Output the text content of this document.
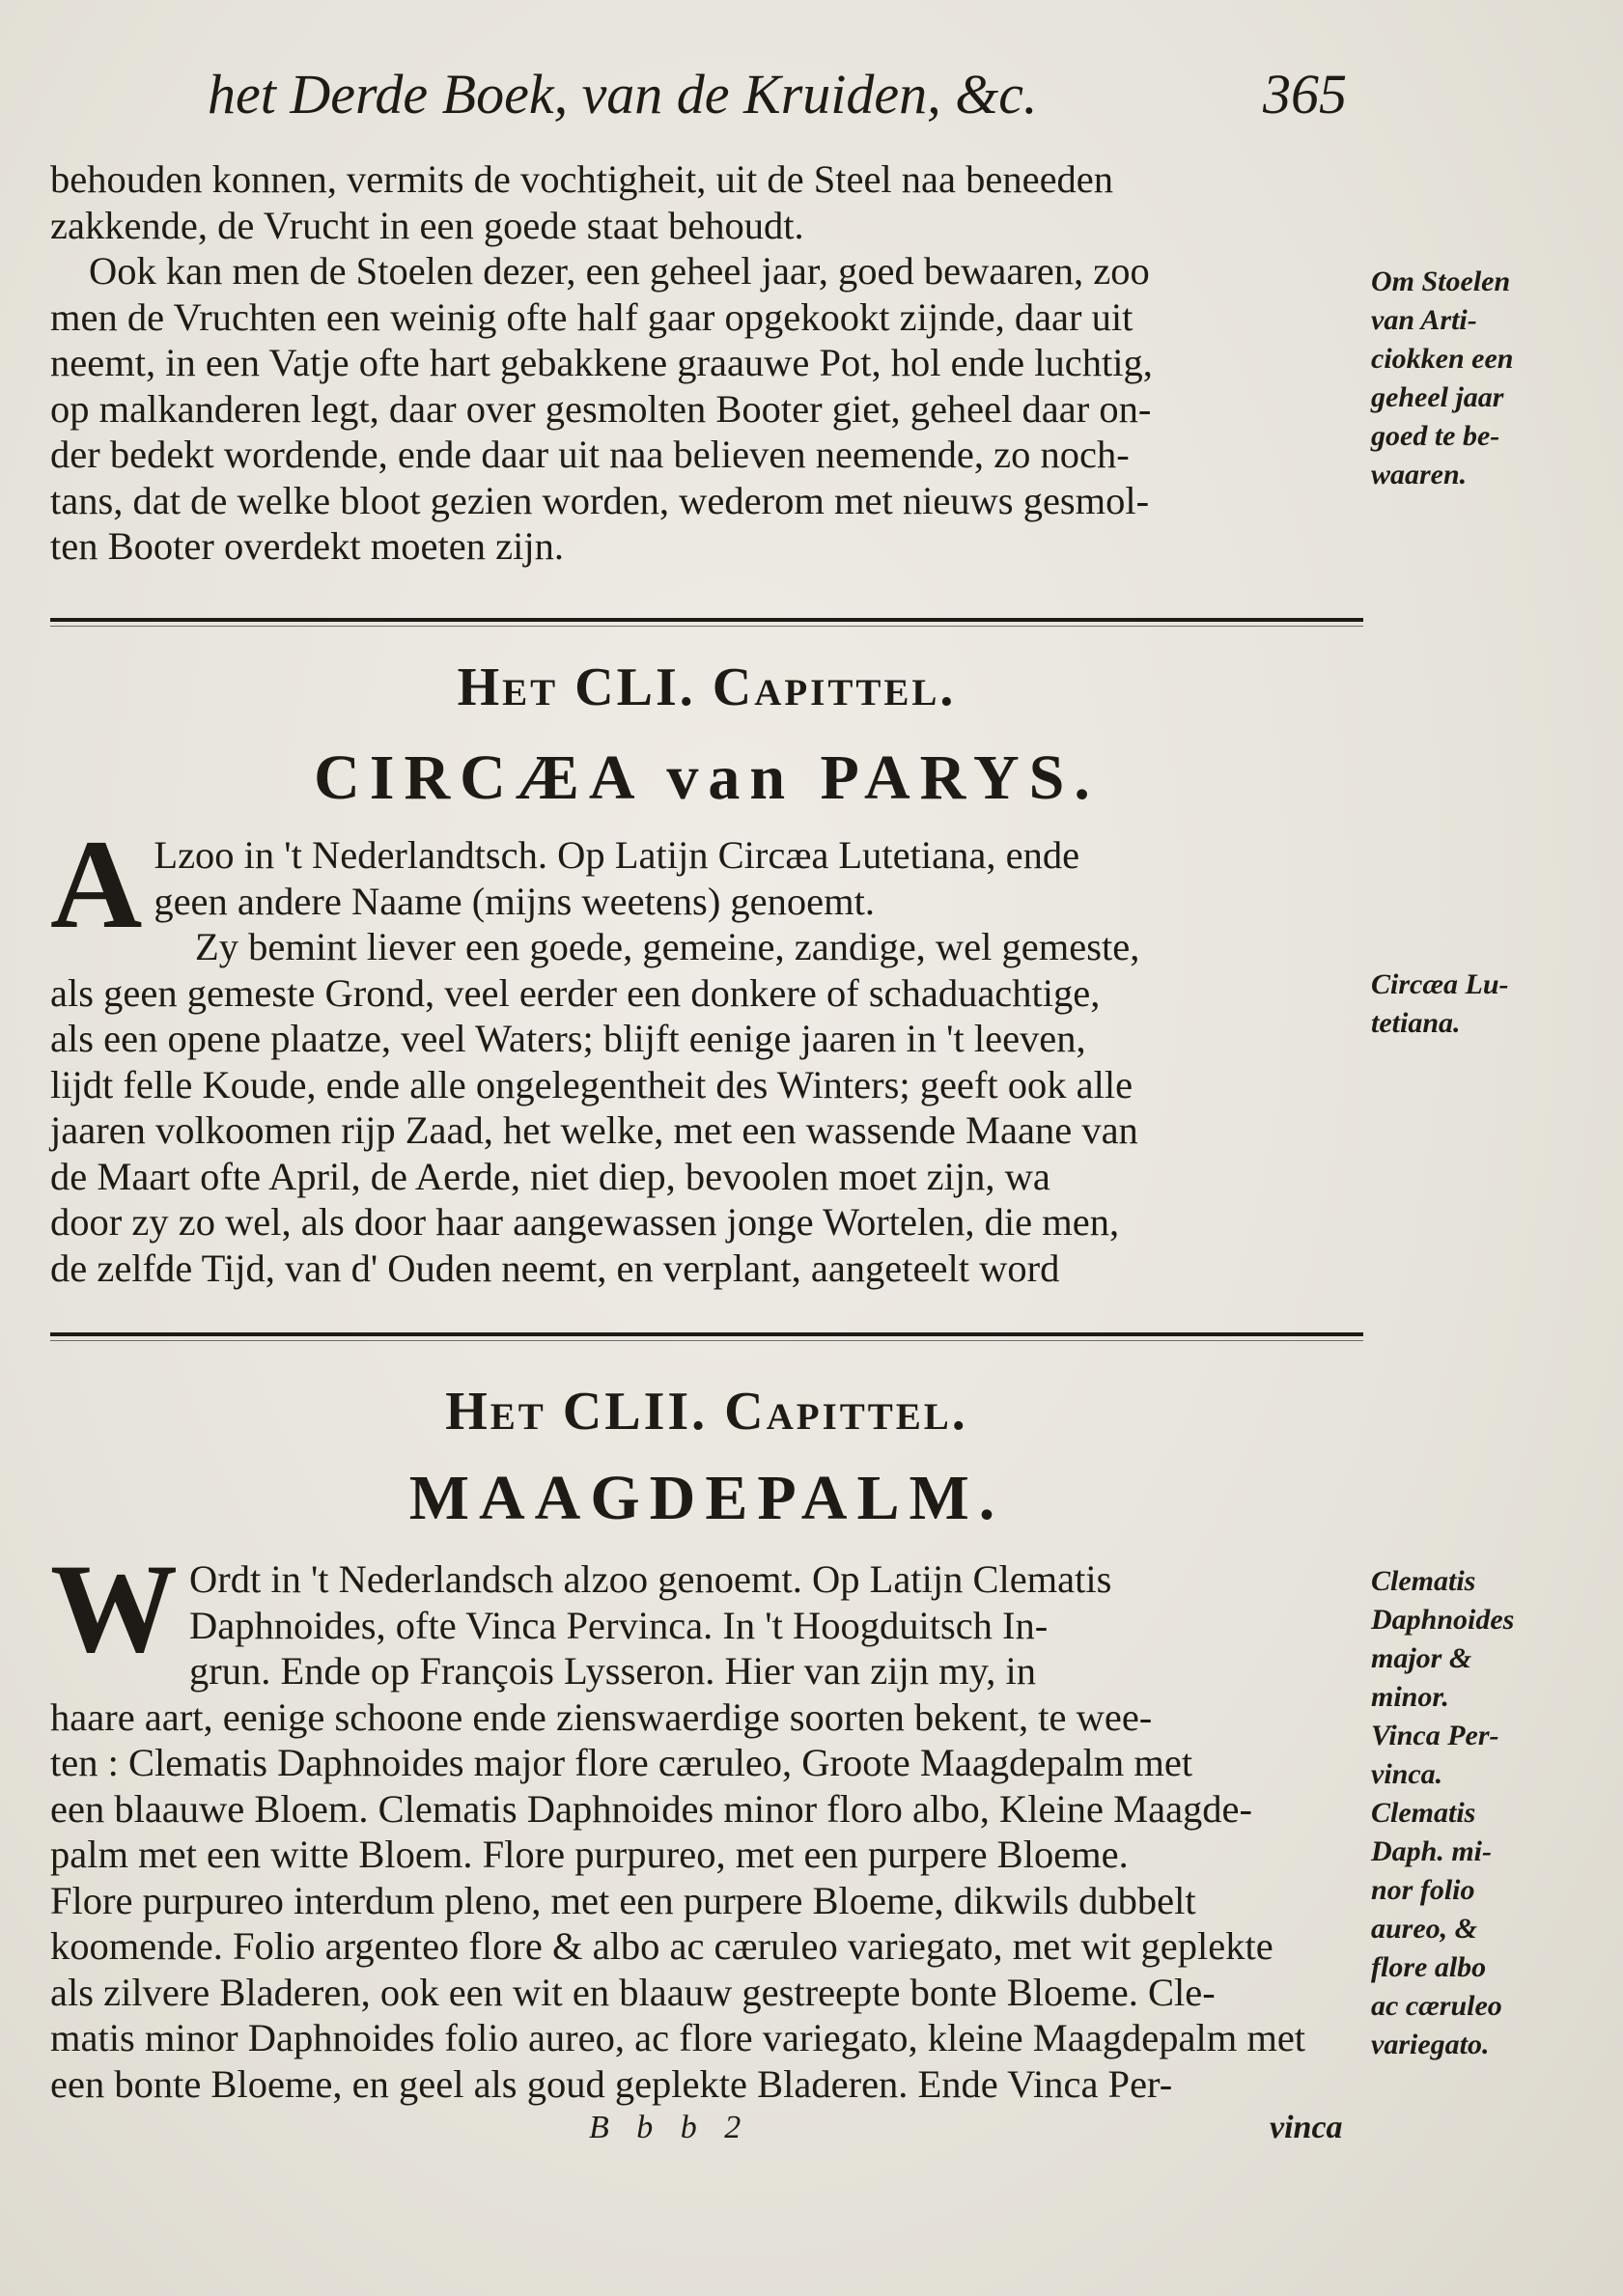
het Derde Boek, van de Kruiden, &c.	365
behouden konnen, vermits de vochtigheit, uit de Steel naa beneeden
zakkende, de Vrucht in een goede staat behoudt.
Ook kan men de Stoelen dezer, een geheel jaar, goed bewaaren, zoo
men de Vruchten een weinig ofte half gaar opgekookt zijnde, daar uit
neemt, in een Vatje ofte hart gebakkene graauwe Pot, hol ende luchtig,
op malkanderen legt, daar over gesmolten Booter giet, geheel daar on-
der bedekt wordende, ende daar uit naa believen neemende, zo noch-
tans, dat de welke bloot gezien worden, wederom met nieuws gesmol-
ten Booter overdekt moeten zijn.
Om Stoelen
van Arti-
ciokken een
geheel jaar
goed te be-
waaren.
Het CLI. Capittel.
CIRCÆA van PARYS.
A Lzoo in 't Nederlandtsch. Op Latijn Circæa Lutetiana, ende
geen andere Naame (mijns weetens) genoemt.
Zy bemint liever een goede, gemeine, zandige, wel gemeste,
als geen gemeste Grond, veel eerder een donkere of schaduachtige,
als een opene plaatze, veel Waters; blijft eenige jaaren in 't leeven,
lijdt felle Koude, ende alle ongelegentheit des Winters; geeft ook alle
jaaren volkoomen rijp Zaad, het welke, met een wassende Maane van
de Maart ofte April, de Aerde, niet diep, bevoolen moet zijn, wa
door zy zo wel, als door haar aangewassen jonge Wortelen, die men,
de zelfde Tijd, van d' Ouden neemt, en verplant, aangeteelt word
Circæa Lu-
tetiana.
Het CLII. Capittel.
MAAGDEPALM.
W Ordt in 't Nederlandsch alzoo genoemt. Op Latijn Clematis
Daphnoides, ofte Vinca Pervinca. In 't Hoogduitsch In-
grun. Ende op François Lysseron. Hier van zijn my, in
haare aart, eenige schoone ende zienswaerdige soorten bekent, te wee-
ten : Clematis Daphnoides major flore cæruleo, Groote Maagdepalm met
een blaauwe Bloem. Clematis Daphnoides minor floro albo, Kleine Maagde-
palm met een witte Bloem. Flore purpureo, met een purpere Bloeme.
Flore purpureo interdum pleno, met een purpere Bloeme, dikwils dubbelt
koomende. Folio argenteo flore & albo ac cæruleo variegato, met wit geplekte
als zilvere Bladeren, ook een wit en blaauw gestreepte bonte Bloeme. Cle-
matis minor Daphnoides folio aureo, ac flore variegato, kleine Maagdepalm met
een bonte Bloeme, en geel als goud geplekte Bladeren. Ende Vinca Per-
Clematis
Daphnoides
major &
minor.
Vinca Per-
vinca.
Clematis
Daph. mi-
nor folio
aureo, &
flore albo
ac cæruleo
variegato.
B b b 2	vinca
